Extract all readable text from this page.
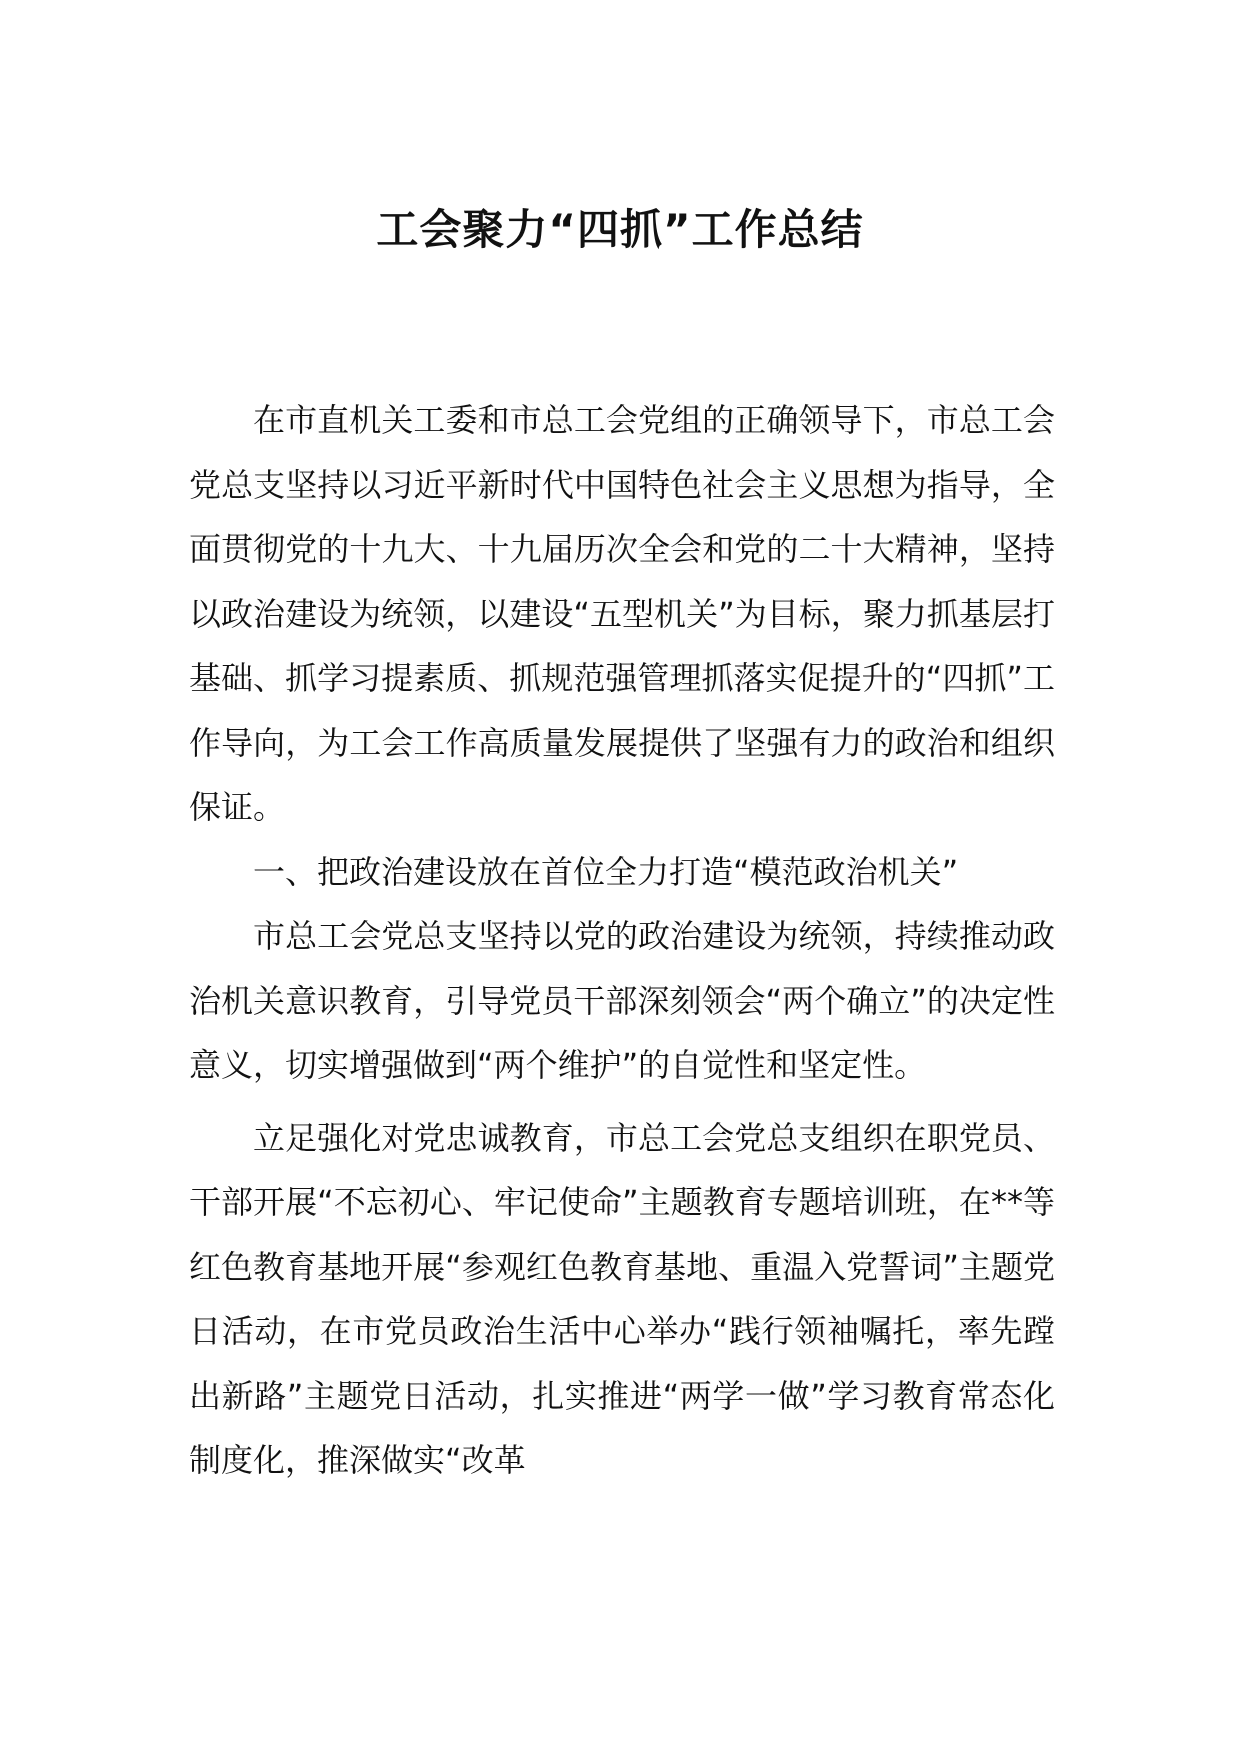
工会聚力“四抓”工作总结

在市直机关工委和市总工会党组的正确领导下，市总工会党总支坚持以习近平新时代中国特色社会主义思想为指导，全面贯彻党的十九大、十九届历次全会和党的二十大精神，坚持以政治建设为统领，以建设“五型机关”为目标，聚力抓基层打基础、抓学习提素质、抓规范强管理抓落实促提升的“四抓”工作导向，为工会工作高质量发展提供了坚强有力的政治和组织保证。

一、把政治建设放在首位全力打造“模范政治机关”

市总工会党总支坚持以党的政治建设为统领，持续推动政治机关意识教育，引导党员干部深刻领会“两个确立”的决定性意义，切实增强做到“两个维护”的自觉性和坚定性。

立足强化对党忠诚教育，市总工会党总支组织在职党员、干部开展“不忘初心、牢记使命”主题教育专题培训班，在**等红色教育基地开展“参观红色教育基地、重温入党誓词”主题党日活动，在市党员政治生活中心举办“践行领袖嘱托，率先蹚出新路”主题党日活动，扎实推进“两学一做”学习教育常态化制度化，推深做实“改革
